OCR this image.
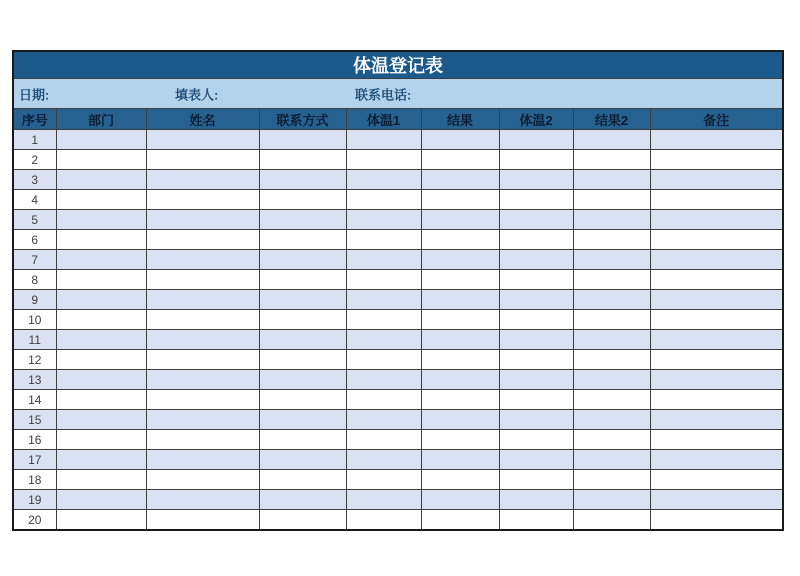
体温登记表								

日期: 填表人: 联系电话:								

序号	部门	姓名	联系方式	体温1	结果	体温2	结果2	备注
1								
2								
3								
4								
5								
6								
7								
8								
9								
10								
11								
12								
13								
14								
15								
16								
17								
18								
19								
20								
